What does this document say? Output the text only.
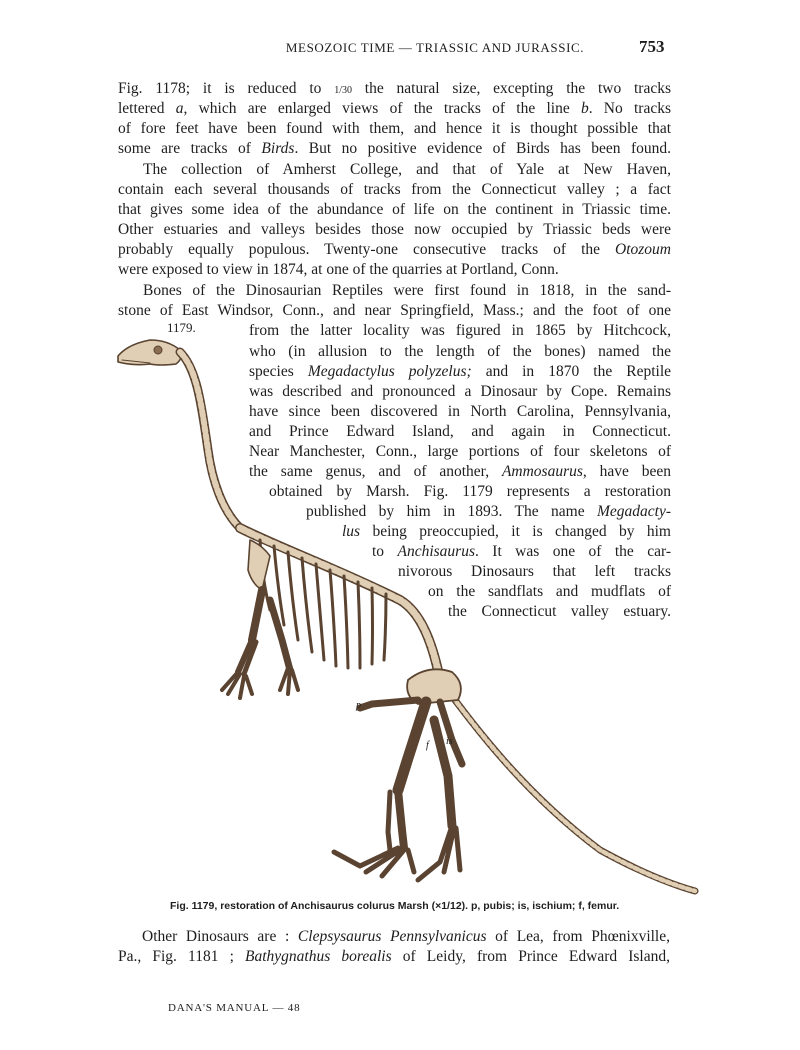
MESOZOIC TIME — TRIASSIC AND JURASSIC.	753
Fig. 1178; it is reduced to 1/30 the natural size, excepting the two tracks
lettered a, which are enlarged views of the tracks of the line b. No tracks
of fore feet have been found with them, and hence it is thought possible that
some are tracks of Birds. But no positive evidence of Birds has been found.
The collection of Amherst College, and that of Yale at New Haven,
contain each several thousands of tracks from the Connecticut valley ; a fact
that gives some idea of the abundance of life on the continent in Triassic time.
Other estuaries and valleys besides those now occupied by Triassic beds were
probably equally populous. Twenty-one consecutive tracks of the Otozoum
were exposed to view in 1874, at one of the quarries at Portland, Conn.
Bones of the Dinosaurian Reptiles were first found in 1818, in the sand-
stone of East Windsor, Conn., and near Springfield, Mass.; and the foot of one
from the latter locality was figured in 1865 by Hitchcock,
who (in allusion to the length of the bones) named the
species Megadactylus polyzelus; and in 1870 the Reptile
was described and pronounced a Dinosaur by Cope. Remains
have since been discovered in North Carolina, Pennsylvania,
and Prince Edward Island, and again in Connecticut.
Near Manchester, Conn., large portions of four skeletons of
the same genus, and of another, Ammosaurus, have been
obtained by Marsh. Fig. 1179 represents a restoration
published by him in 1893. The name Megadacty-
lus being preoccupied, it is changed by him
to Anchisaurus. It was one of the car-
nivorous Dinosaurs that left tracks
on the sandflats and mudflats of
the Connecticut valley estuary.
Other Dinosaurs are : Clepsysaurus Pennsylvanicus of Lea, from Phœnixville,
Pa., Fig. 1181 ; Bathygnathus borealis of Leidy, from Prince Edward Island,
1179.
p
f is
Fig. 1179, restoration of Anchisaurus colurus Marsh (×1/12). p, pubis; is, ischium; f, femur.
DANA'S MANUAL — 48
